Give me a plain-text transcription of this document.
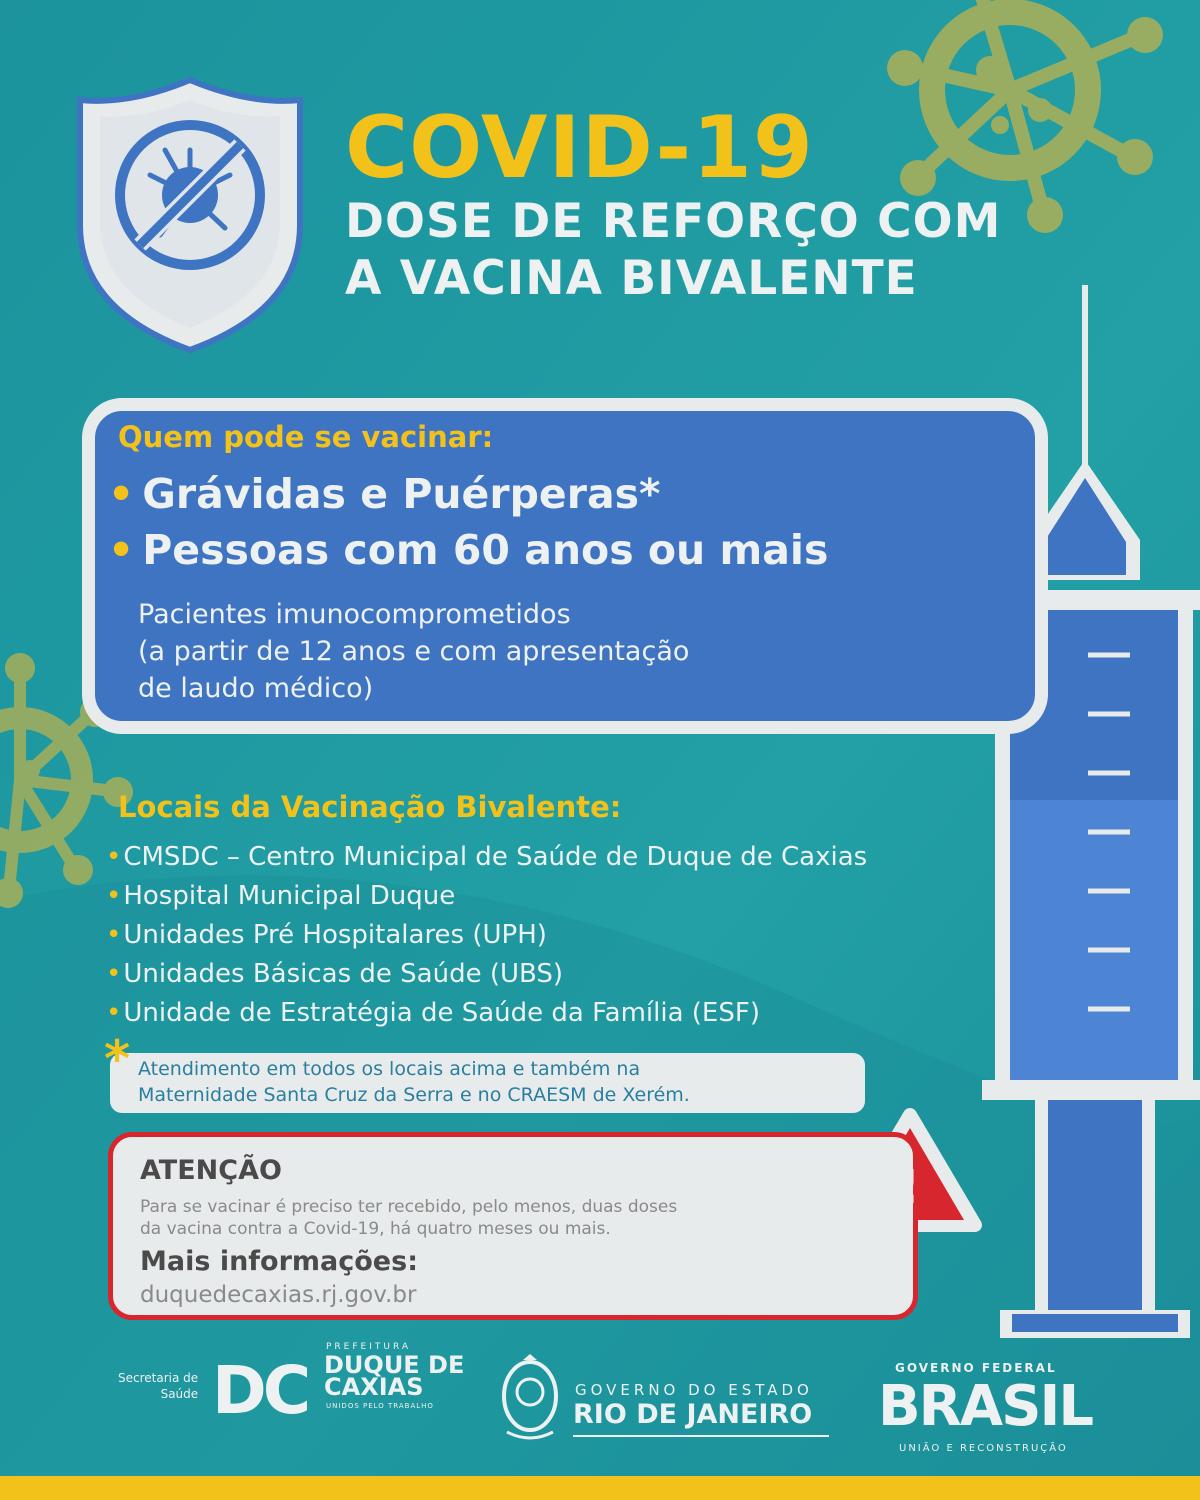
COVID-19
DOSE DE REFORÇO COM
A VACINA BIVALENTE
Quem pode se vacinar:
• Grávidas e Puérperas*
• Pessoas com 60 anos ou mais
Pacientes imunocomprometidos
(a partir de 12 anos e com apresentação
de laudo médico)
Locais da Vacinação Bivalente:
•CMSDC – Centro Municipal de Saúde de Duque de Caxias
•Hospital Municipal Duque
•Unidades Pré Hospitalares (UPH)
•Unidades Básicas de Saúde (UBS)
•Unidade de Estratégia de Saúde da Família (ESF)
* Atendimento em todos os locais acima e também na
Maternidade Santa Cruz da Serra e no CRAESM de Xerém.
ATENÇÃO
Para se vacinar é preciso ter recebido, pelo menos, duas doses
da vacina contra a Covid-19, há quatro meses ou mais.
Mais informações:
duquedecaxias.rj.gov.br
!
Secretaria de
Saúde DC
PREFEITURA
DUQUE DE
CAXIAS
UNIDOS PELO TRABALHO
GOVERNO DO ESTADO
RIO DE JANEIRO
GOVERNO FEDERAL
BRASIL
UNIÃO E RECONSTRUÇÃO
